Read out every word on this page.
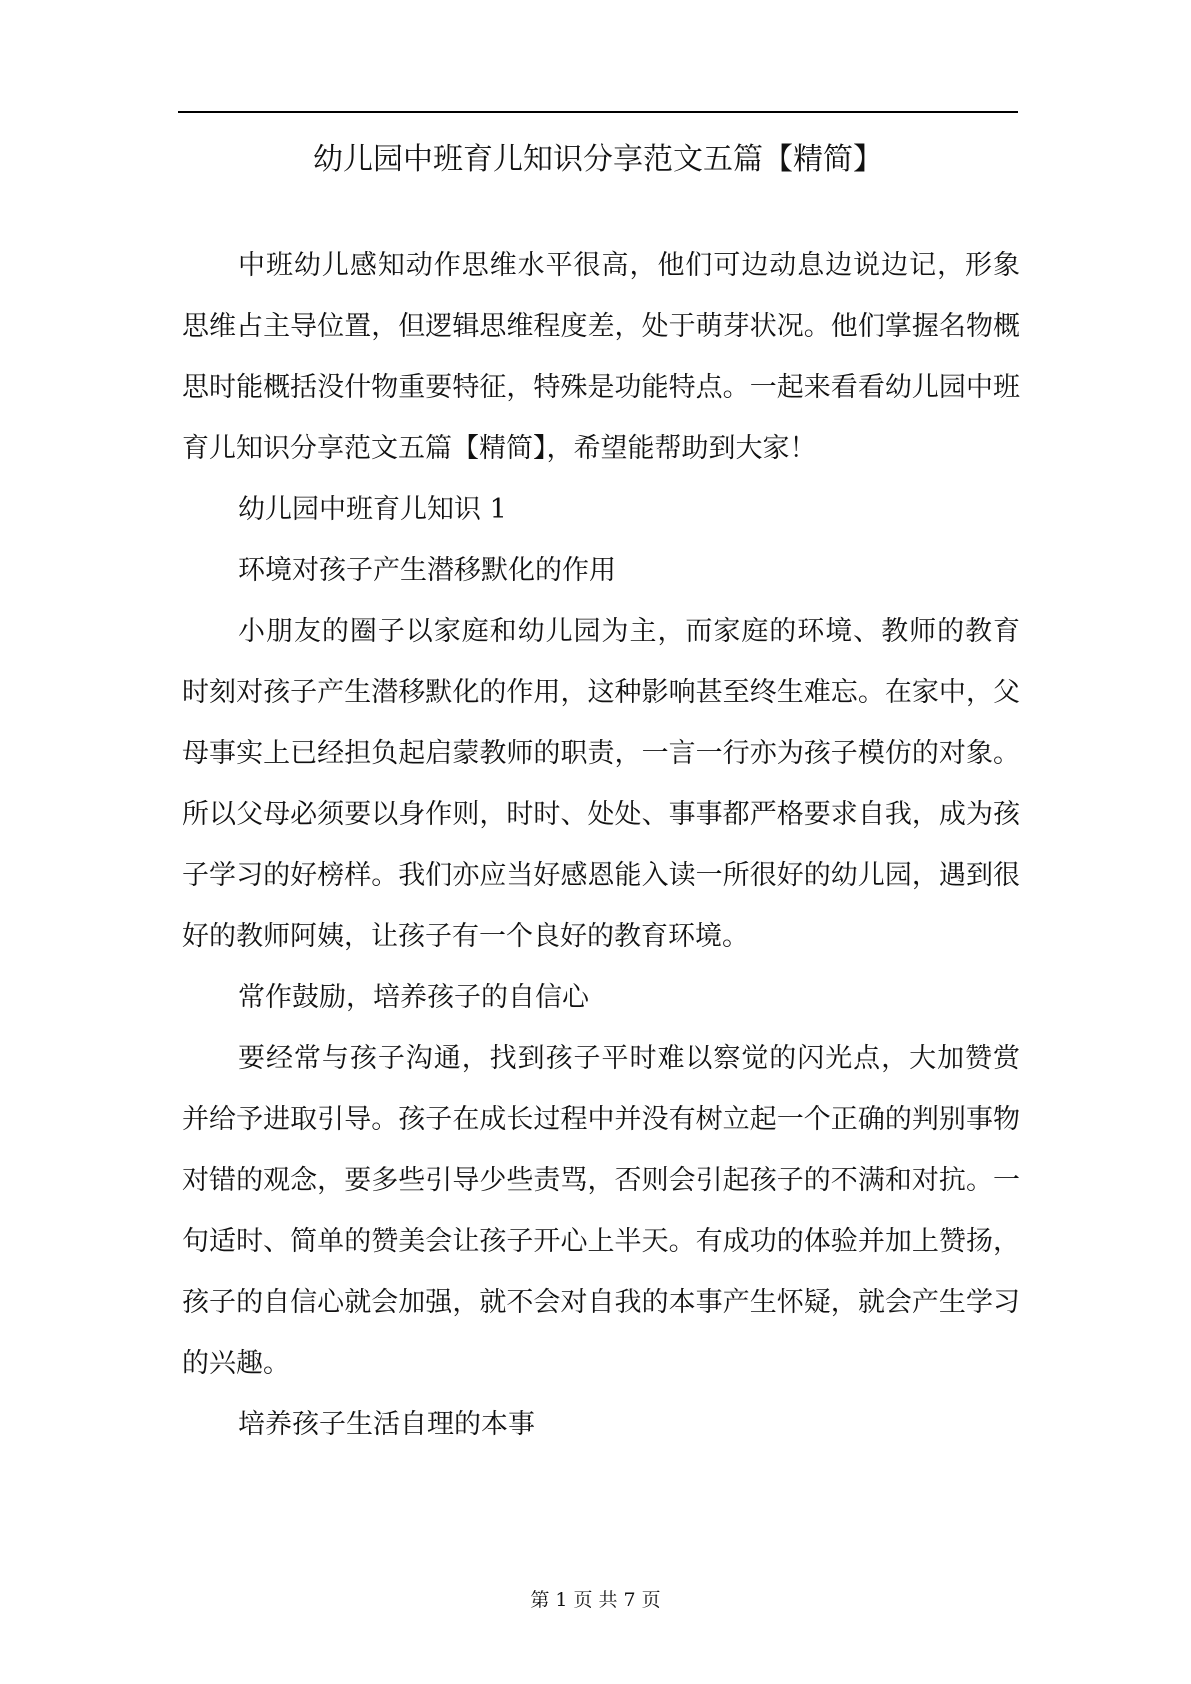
幼儿园中班育儿知识分享范文五篇【精简】

中班幼儿感知动作思维水平很高，他们可边动息边说边记，形象思维占主导位置，但逻辑思维程度差，处于萌芽状况。他们掌握名物概思时能概括没什物重要特征，特殊是功能特点。一起来看看幼儿园中班育儿知识分享范文五篇【精简】，希望能帮助到大家！

幼儿园中班育儿知识 1

环境对孩子产生潜移默化的作用

小朋友的圈子以家庭和幼儿园为主，而家庭的环境、教师的教育时刻对孩子产生潜移默化的作用，这种影响甚至终生难忘。在家中，父母事实上已经担负起启蒙教师的职责，一言一行亦为孩子模仿的对象。所以父母必须要以身作则，时时、处处、事事都严格要求自我，成为孩子学习的好榜样。我们亦应当好感恩能入读一所很好的幼儿园，遇到很好的教师阿姨，让孩子有一个良好的教育环境。

常作鼓励，培养孩子的自信心

要经常与孩子沟通，找到孩子平时难以察觉的闪光点，大加赞赏并给予进取引导。孩子在成长过程中并没有树立起一个正确的判别事物对错的观念，要多些引导少些责骂，否则会引起孩子的不满和对抗。一句适时、简单的赞美会让孩子开心上半天。有成功的体验并加上赞扬，孩子的自信心就会加强，就不会对自我的本事产生怀疑，就会产生学习的兴趣。

培养孩子生活自理的本事

第 1 页 共 7 页
